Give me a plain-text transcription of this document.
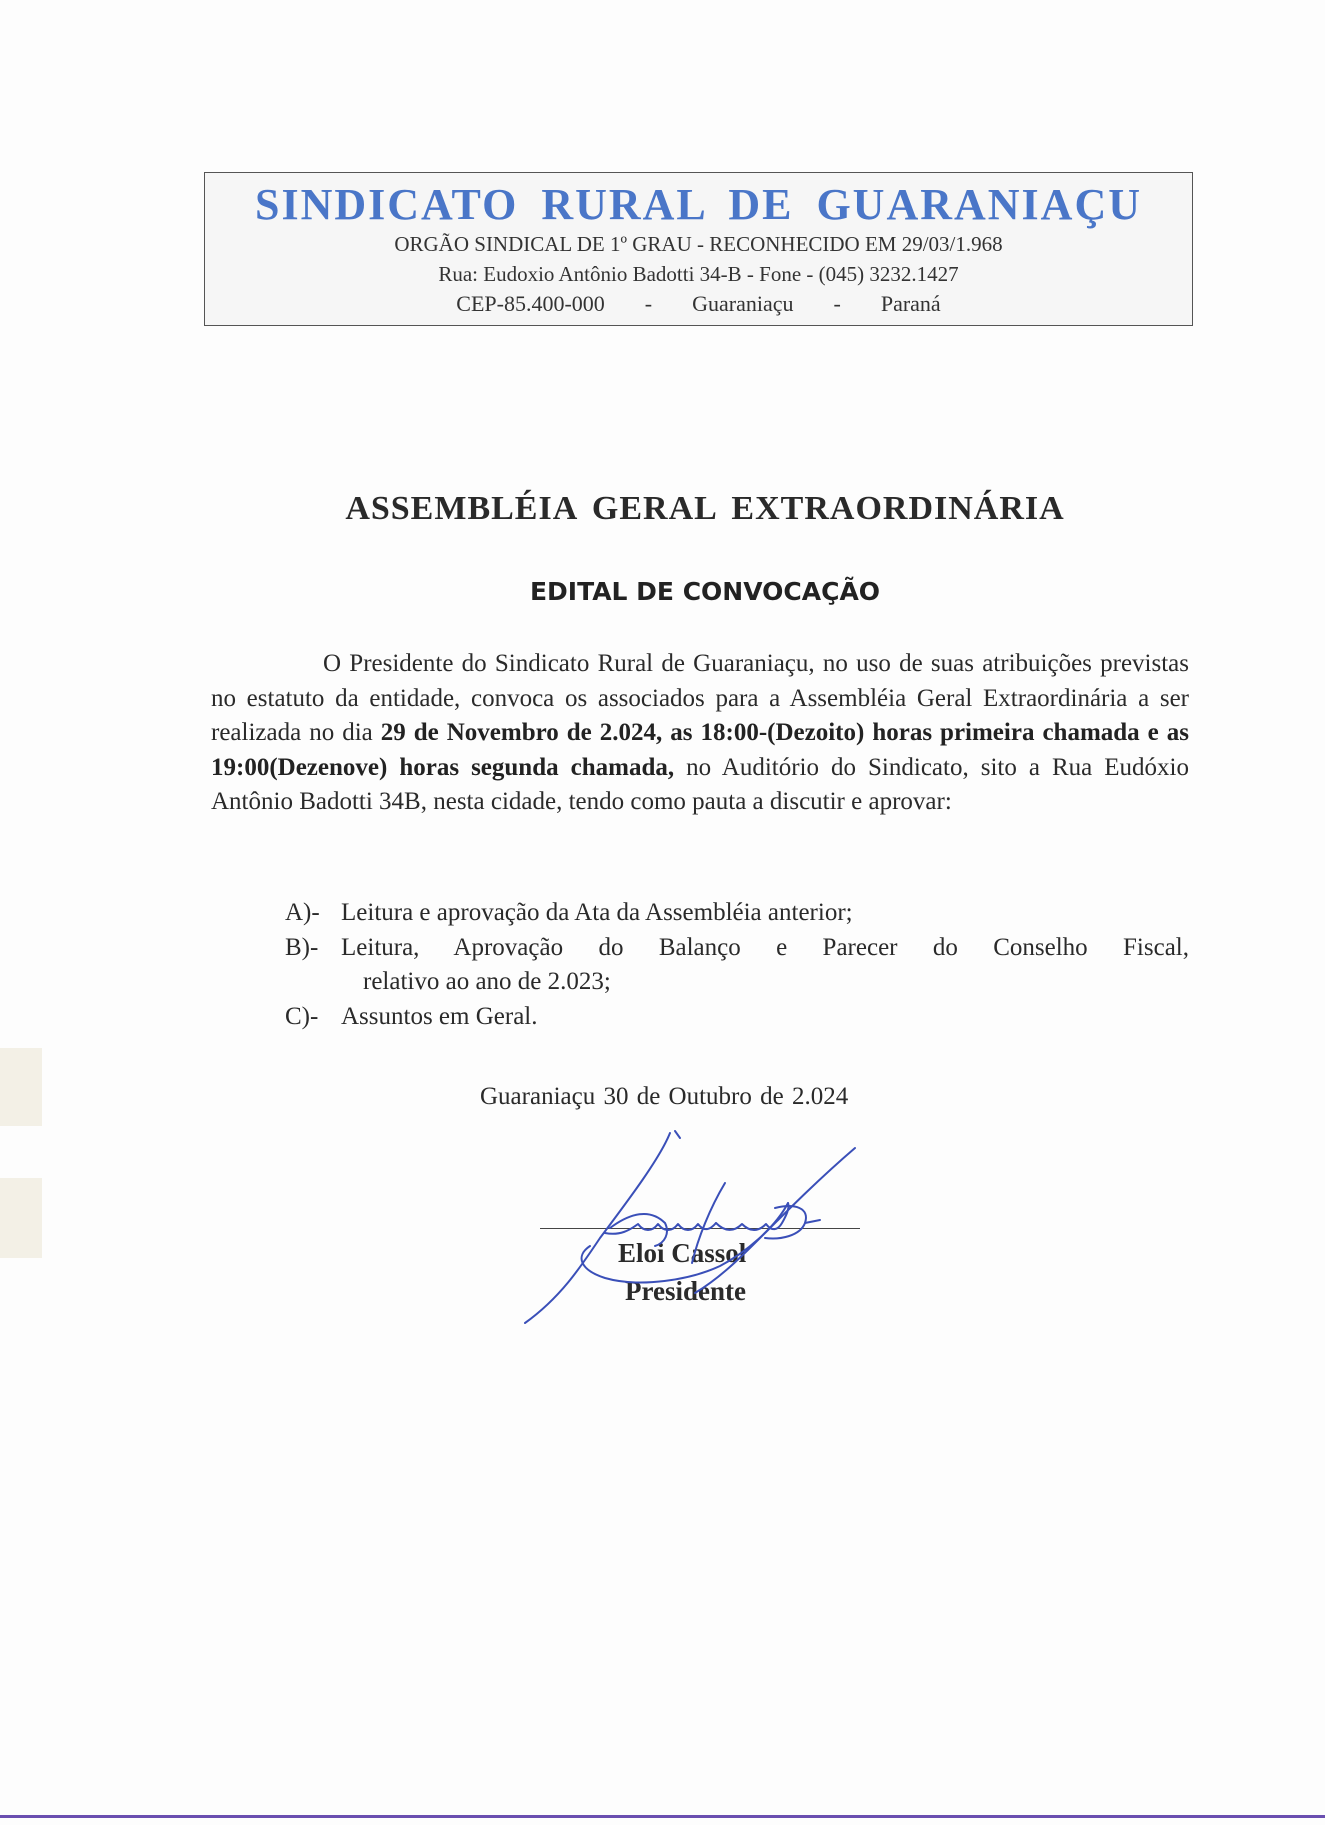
SINDICATO RURAL DE GUARANIAÇU
ORGÃO SINDICAL DE 1º GRAU - RECONHECIDO EM 29/03/1.968
Rua: Eudoxio Antônio Badotti 34-B - Fone - (045) 3232.1427
CEP-85.400-000 - Guaraniaçu - Paraná
ASSEMBLÉIA GERAL EXTRAORDINÁRIA
EDITAL DE CONVOCAÇÃO
O Presidente do Sindicato Rural de Guaraniaçu, no uso de suas atribuições previstas no estatuto da entidade, convoca os associados para a Assembléia Geral Extraordinária a ser realizada no dia 29 de Novembro de 2.024, as 18:00-(Dezoito) horas primeira chamada e as 19:00(Dezenove) horas segunda chamada, no Auditório do Sindicato, sito a Rua Eudóxio Antônio Badotti 34B, nesta cidade, tendo como pauta a discutir e aprovar:
A)- Leitura e aprovação da Ata da Assembléia anterior;
B)- Leitura, Aprovação do Balanço e Parecer do Conselho Fiscal,
relativo ao ano de 2.023;
C)- Assuntos em Geral.
Guaraniaçu 30 de Outubro de 2.024
Eloi Cassol
Presidente
